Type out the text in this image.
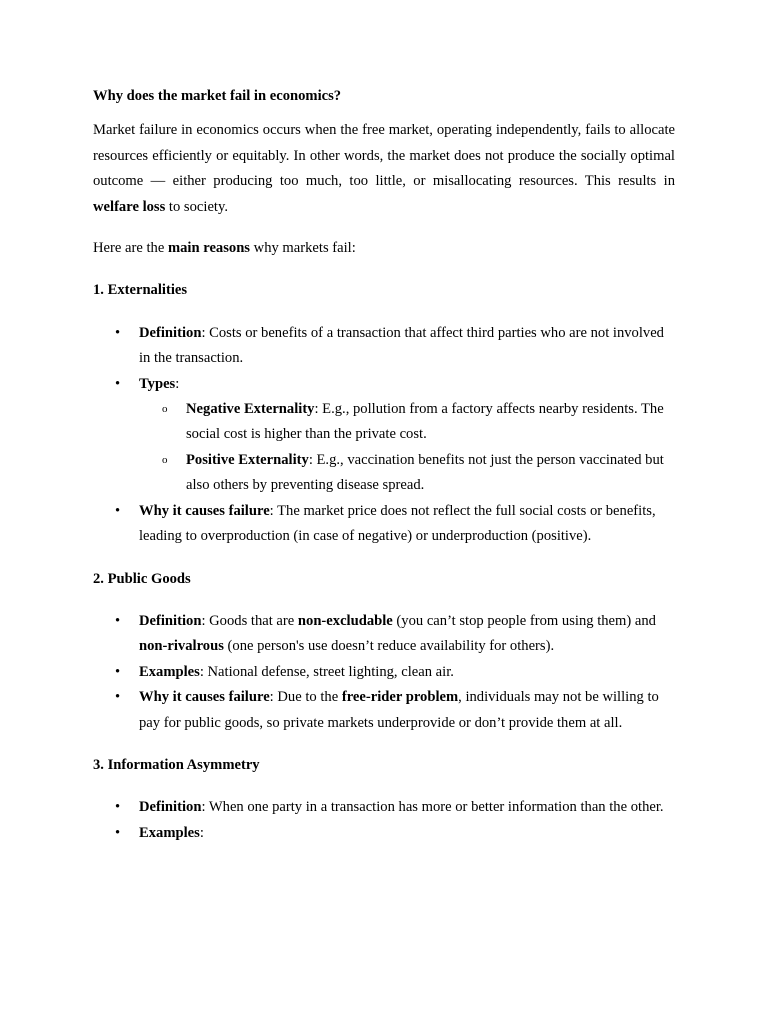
Why does the market fail in economics?

Market failure in economics occurs when the free market, operating independently, fails to allocate resources efficiently or equitably. In other words, the market does not produce the socially optimal outcome — either producing too much, too little, or misallocating resources. This results in welfare loss to society.

Here are the main reasons why markets fail:

1. Externalities

• Definition: Costs or benefits of a transaction that affect third parties who are not involved in the transaction.
• Types:
o Negative Externality: E.g., pollution from a factory affects nearby residents. The social cost is higher than the private cost.
o Positive Externality: E.g., vaccination benefits not just the person vaccinated but also others by preventing disease spread.
• Why it causes failure: The market price does not reflect the full social costs or benefits, leading to overproduction (in case of negative) or underproduction (positive).

2. Public Goods

• Definition: Goods that are non-excludable (you can’t stop people from using them) and non-rivalrous (one person's use doesn’t reduce availability for others).
• Examples: National defense, street lighting, clean air.
• Why it causes failure: Due to the free-rider problem, individuals may not be willing to pay for public goods, so private markets underprovide or don’t provide them at all.

3. Information Asymmetry

• Definition: When one party in a transaction has more or better information than the other.
• Examples:
